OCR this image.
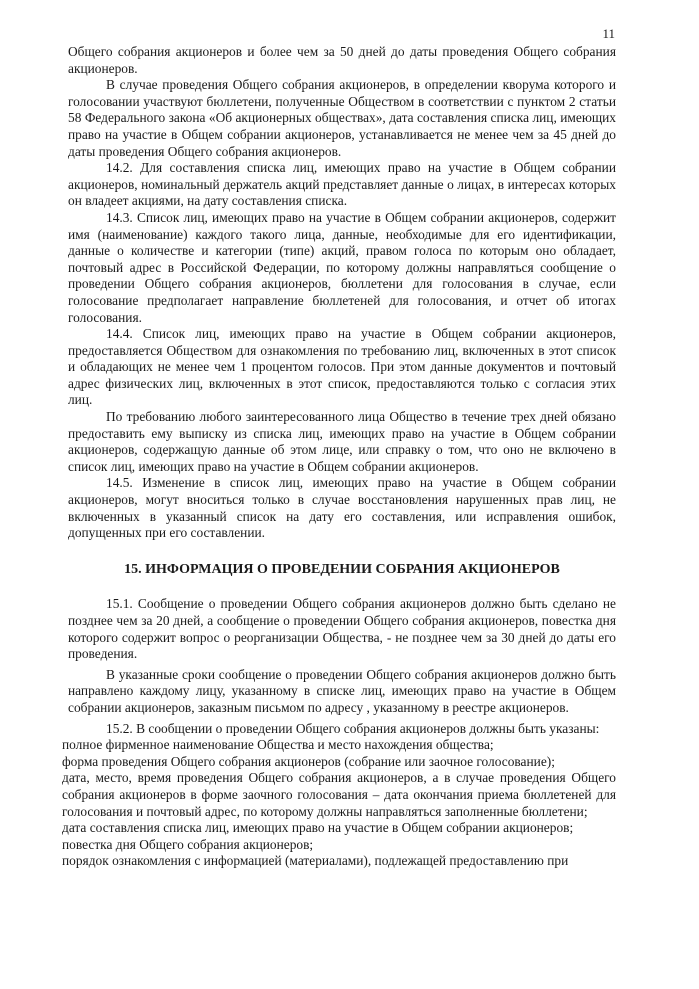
11

Общего собрания акционеров и более чем за 50 дней до даты проведения Общего собрания акционеров.

В случае проведения Общего собрания акционеров, в определении кворума которого и голосовании участвуют бюллетени, полученные Обществом в соответствии с пунктом 2 статьи 58 Федерального закона «Об акционерных обществах», дата составления списка лиц, имеющих право на участие в Общем собрании акционеров, устанавливается не менее чем за 45 дней до даты проведения Общего собрания акционеров.

14.2. Для составления списка лиц, имеющих право на участие в Общем собрании акционеров, номинальный держатель акций представляет данные о лицах, в интересах которых он владеет акциями, на дату составления списка.

14.3. Список лиц, имеющих право на участие в Общем собрании акционеров, содержит имя (наименование) каждого такого лица, данные, необходимые для его идентификации, данные о количестве и категории (типе) акций, правом голоса по которым оно обладает, почтовый адрес в Российской Федерации, по которому должны направляться сообщение о проведении Общего собрания акционеров, бюллетени для голосования в случае, если голосование предполагает направление бюллетеней для голосования, и отчет об итогах голосования.

14.4. Список лиц, имеющих право на участие в Общем собрании акционеров, предоставляется Обществом для ознакомления по требованию лиц, включенных в этот список и обладающих не менее чем 1 процентом голосов. При этом данные документов и почтовый адрес физических лиц, включенных в этот список, предоставляются только с согласия этих лиц.

По требованию любого заинтересованного лица Общество в течение трех дней обязано предоставить ему выписку из списка лиц, имеющих право на участие в Общем собрании акционеров, содержащую данные об этом лице, или справку о том, что оно не включено в список лиц, имеющих право на участие в Общем собрании акционеров.

14.5. Изменение в список лиц, имеющих право на участие в Общем собрании акционеров, могут вноситься только в случае восстановления нарушенных прав лиц, не включенных в указанный список на дату его составления, или исправления ошибок, допущенных при его составлении.

15. ИНФОРМАЦИЯ О ПРОВЕДЕНИИ СОБРАНИЯ АКЦИОНЕРОВ

15.1. Сообщение о проведении Общего собрания акционеров должно быть сделано не позднее чем за 20 дней, а сообщение о проведении Общего собрания акционеров, повестка дня которого содержит вопрос о реорганизации Общества, - не позднее чем за 30 дней до даты его проведения.

В указанные сроки сообщение о проведении Общего собрания акционеров должно быть направлено каждому лицу, указанному в списке лиц, имеющих право на участие в Общем собрании акционеров, заказным письмом по адресу , указанному в реестре акционеров.

15.2. В сообщении о проведении Общего собрания акционеров должны быть указаны:

полное фирменное наименование Общества и место нахождения общества;

форма проведения Общего собрания акционеров (собрание или заочное голосование);

дата, место, время проведения Общего собрания акционеров, а в случае проведения Общего собрания акционеров в форме заочного голосования – дата окончания приема бюллетеней для голосования и почтовый адрес, по которому должны направляться заполненные бюллетени;

дата составления списка лиц, имеющих право на участие в Общем собрании акционеров;

повестка дня Общего собрания акционеров;

порядок ознакомления с информацией (материалами), подлежащей предоставлению при
